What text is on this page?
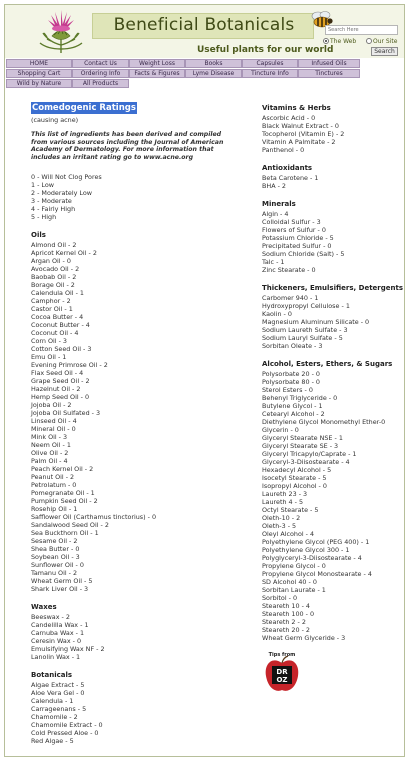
Beneficial Botanicals
Useful plants for our world
Search Here
The Web	Our Site
Search
HOME	Contact Us	Weight Loss	Books	Capsules	Infused Oils
Shopping Cart	Ordering Info	Facts & Figures	Lyme Disease	Tincture Info	Tinctures
Wild by Nature	All Products
Comedogenic Ratings
(causing acne)
This list of ingredients has been derived and compiled from various sources including the Journal of American Academy of Dermatology. For more information that includes an irritant rating go to www.acne.org
0 - Will Not Clog Pores
1 - Low
2 - Moderately Low
3 - Moderate
4 - Fairly High
5 - High
Oils
Almond Oil - 2
Apricot Kernel Oil - 2
Argan Oil - 0
Avocado Oil - 2
Baobab Oil - 2
Borage Oil - 2
Calendula Oil - 1
Camphor - 2
Castor Oil - 1
Cocoa Butter - 4
Coconut Butter - 4
Coconut Oil - 4
Corn Oil - 3
Cotton Seed Oil - 3
Emu Oil - 1
Evening Primrose Oil - 2
Flax Seed Oil - 4
Grape Seed Oil - 2
Hazelnut Oil - 2
Hemp Seed Oil - 0
Jojoba Oil - 2
Jojoba Oil Sulfated - 3
Linseed Oil - 4
Mineral Oil - 0
Mink Oil - 3
Neem Oil - 1
Olive Oil - 2
Palm Oil - 4
Peach Kernel Oil - 2
Peanut Oil - 2
Petrolatum - 0
Pomegranate Oil - 1
Pumpkin Seed Oil - 2
Rosehip Oil - 1
Safflower Oil (Carthamus tinctorius) - 0
Sandalwood Seed Oil - 2
Sea Buckthorn Oil - 1
Sesame Oil - 2
Shea Butter - 0
Soybean Oil - 3
Sunflower Oil - 0
Tamanu Oil - 2
Wheat Germ Oil - 5
Shark Liver Oil - 3
Waxes
Beeswax - 2
Candelilla Wax - 1
Carnuba Wax - 1
Ceresin Wax - 0
Emulsifying Wax NF - 2
Lanolin Wax - 1
Botanicals
Algae Extract - 5
Aloe Vera Gel - 0
Calendula - 1
Carrageenans - 5
Chamomile - 2
Chamomile Extract - 0
Cold Pressed Aloe - 0
Red Algae - 5
Vitamins & Herbs
Ascorbic Acid - 0
Black Walnut Extract - 0
Tocopherol (Vitamin E) - 2
Vitamin A Palmitate - 2
Panthenol - 0
Antioxidants
Beta Carotene - 1
BHA - 2
Minerals
Algin - 4
Colloidal Sulfur - 3
Flowers of Sulfur - 0
Potassium Chloride - 5
Precipitated Sulfur - 0
Sodium Chloride (Salt) - 5
Talc - 1
Zinc Stearate - 0
Thickeners, Emulsifiers, Detergents
Carbomer 940 - 1
Hydroxypropyl Cellulose - 1
Kaolin - 0
Magnesium Aluminum Silicate - 0
Sodium Laureth Sulfate - 3
Sodium Lauryl Sulfate - 5
Sorbitan Oleate - 3
Alcohol, Esters, Ethers, & Sugars
Polysorbate 20 - 0
Polysorbate 80 - 0
Sterol Esters - 0
Behenyl Triglyceride - 0
Butylene Glycol - 1
Cetearyl Alcohol - 2
Diethylene Glycol Monomethyl Ether-0
Glycerin - 0
Glyceryl Stearate NSE - 1
Glyceryl Stearate SE - 3
Glyceryl Tricapylo/Caprate - 1
Glyceryl-3-Diisostearate - 4
Hexadecyl Alcohol - 5
Isocetyl Stearate - 5
Isopropyl Alcohol - 0
Laureth 23 - 3
Laureth 4 - 5
Octyl Stearate - 5
Oleth-10 - 2
Oleth-3 - 5
Oleyl Alcohol - 4
Polyethylene Glycol (PEG 400) - 1
Polyethylene Glycol 300 - 1
Polyglyceryl-3-Diisostearate - 4
Propylene Glycol - 0
Propylene Glycol Monostearate - 4
SD Alcohol 40 - 0
Sorbitan Laurate - 1
Sorbitol - 0
Steareth 10 - 4
Steareth 100 - 0
Steareth 2 - 2
Steareth 20 - 2
Wheat Germ Glyceride - 3
Tips from
DR
OZ
